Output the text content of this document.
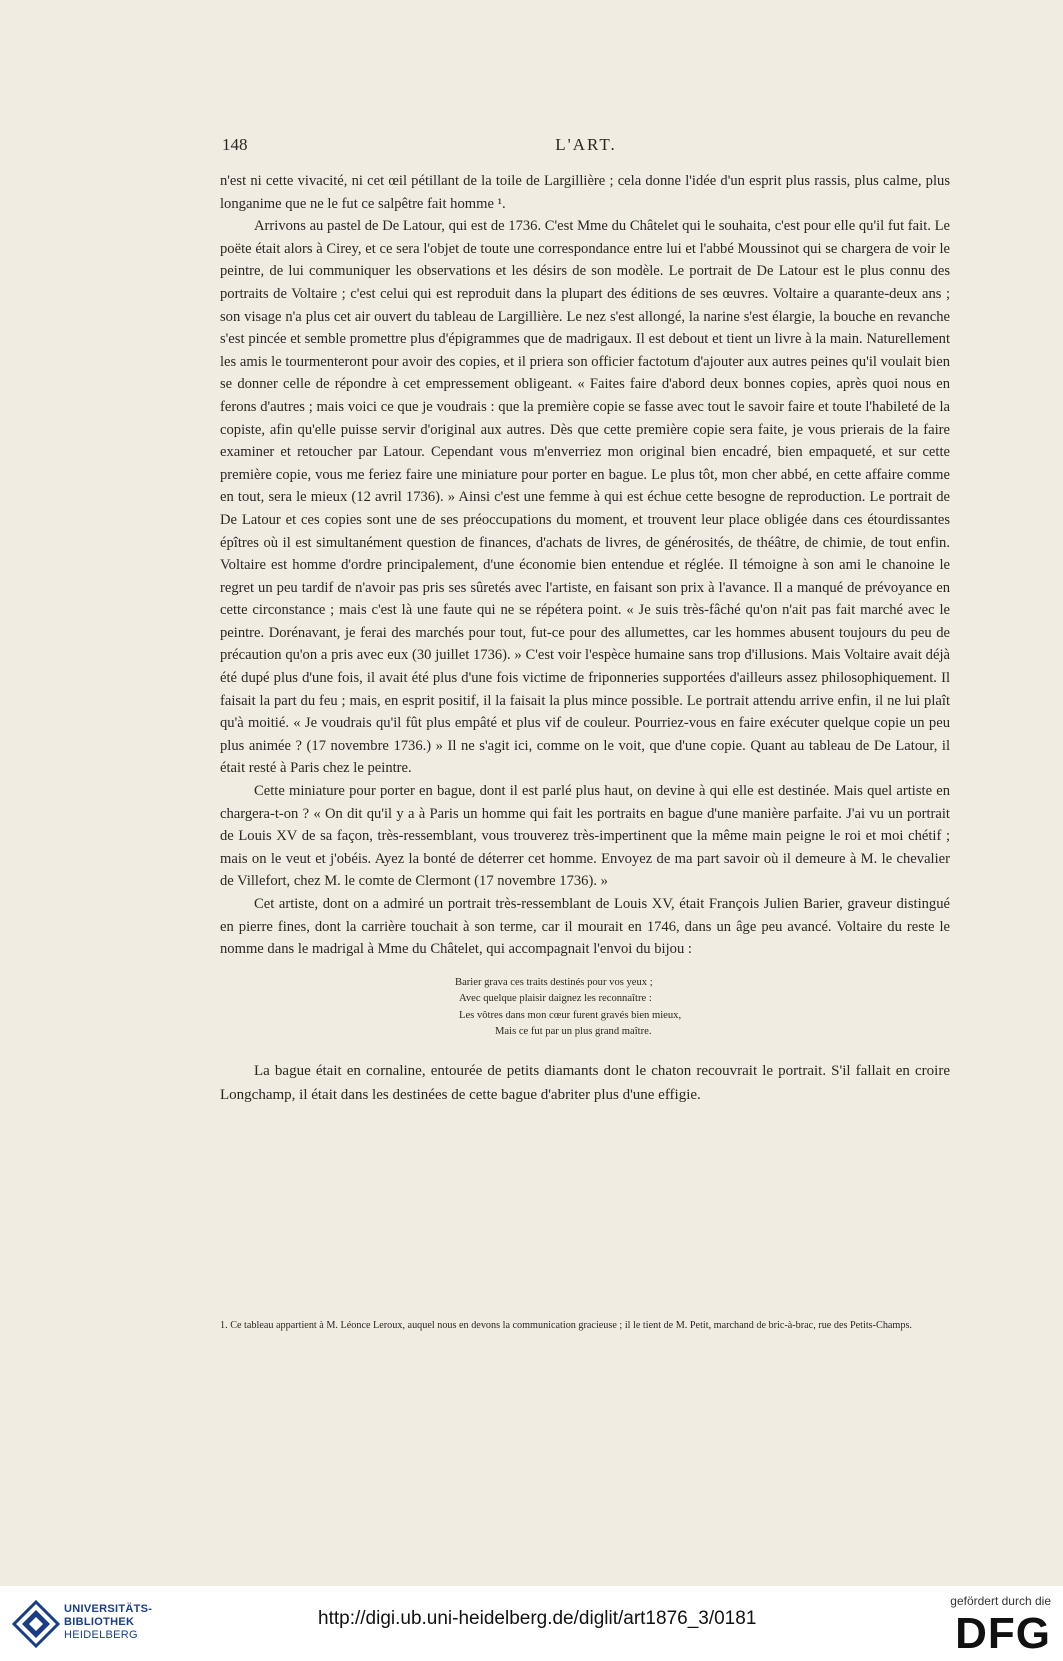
148	L'ART.

n'est ni cette vivacité, ni cet œil pétillant de la toile de Largillière ; cela donne l'idée d'un esprit plus rassis, plus calme, plus longanime que ne le fut ce salpêtre fait homme ¹.

Arrivons au pastel de De Latour, qui est de 1736. C'est Mme du Châtelet qui le souhaita, c'est pour elle qu'il fut fait. Le poëte était alors à Cirey, et ce sera l'objet de toute une correspondance entre lui et l'abbé Moussinot qui se chargera de voir le peintre, de lui communiquer les observations et les désirs de son modèle. Le portrait de De Latour est le plus connu des portraits de Voltaire ; c'est celui qui est reproduit dans la plupart des éditions de ses œuvres. Voltaire a quarante-deux ans ; son visage n'a plus cet air ouvert du tableau de Largillière. Le nez s'est allongé, la narine s'est élargie, la bouche en revanche s'est pincée et semble promettre plus d'épigrammes que de madrigaux. Il est debout et tient un livre à la main. Naturellement les amis le tourmenteront pour avoir des copies, et il priera son officier factotum d'ajouter aux autres peines qu'il voulait bien se donner celle de répondre à cet empressement obligeant. « Faites faire d'abord deux bonnes copies, après quoi nous en ferons d'autres ; mais voici ce que je voudrais : que la première copie se fasse avec tout le savoir faire et toute l'habileté de la copiste, afin qu'elle puisse servir d'original aux autres. Dès que cette première copie sera faite, je vous prierais de la faire examiner et retoucher par Latour. Cependant vous m'enverriez mon original bien encadré, bien empaqueté, et sur cette première copie, vous me feriez faire une miniature pour porter en bague. Le plus tôt, mon cher abbé, en cette affaire comme en tout, sera le mieux (12 avril 1736). » Ainsi c'est une femme à qui est échue cette besogne de reproduction. Le portrait de De Latour et ces copies sont une de ses préoccupations du moment, et trouvent leur place obligée dans ces étourdissantes épîtres où il est simultanément question de finances, d'achats de livres, de générosités, de théâtre, de chimie, de tout enfin. Voltaire est homme d'ordre principalement, d'une économie bien entendue et réglée. Il témoigne à son ami le chanoine le regret un peu tardif de n'avoir pas pris ses sûretés avec l'artiste, en faisant son prix à l'avance. Il a manqué de prévoyance en cette circonstance ; mais c'est là une faute qui ne se répétera point. « Je suis très-fâché qu'on n'ait pas fait marché avec le peintre. Dorénavant, je ferai des marchés pour tout, fut-ce pour des allumettes, car les hommes abusent toujours du peu de précaution qu'on a pris avec eux (30 juillet 1736). » C'est voir l'espèce humaine sans trop d'illusions. Mais Voltaire avait déjà été dupé plus d'une fois, il avait été plus d'une fois victime de friponneries supportées d'ailleurs assez philosophiquement. Il faisait la part du feu ; mais, en esprit positif, il la faisait la plus mince possible. Le portrait attendu arrive enfin, il ne lui plaît qu'à moitié. « Je voudrais qu'il fût plus empâté et plus vif de couleur. Pourriez-vous en faire exécuter quelque copie un peu plus animée ? (17 novembre 1736.) » Il ne s'agit ici, comme on le voit, que d'une copie. Quant au tableau de De Latour, il était resté à Paris chez le peintre.

Cette miniature pour porter en bague, dont il est parlé plus haut, on devine à qui elle est destinée. Mais quel artiste en chargera-t-on ? « On dit qu'il y a à Paris un homme qui fait les portraits en bague d'une manière parfaite. J'ai vu un portrait de Louis XV de sa façon, très-ressemblant, vous trouverez très-impertinent que la même main peigne le roi et moi chétif ; mais on le veut et j'obéis. Ayez la bonté de déterrer cet homme. Envoyez de ma part savoir où il demeure à M. le chevalier de Villefort, chez M. le comte de Clermont (17 novembre 1736). »

Cet artiste, dont on a admiré un portrait très-ressemblant de Louis XV, était François Julien Barier, graveur distingué en pierre fines, dont la carrière touchait à son terme, car il mourait en 1746, dans un âge peu avancé. Voltaire du reste le nomme dans le madrigal à Mme du Châtelet, qui accompagnait l'envoi du bijou :

Barier grava ces traits destinés pour vos yeux ;
Avec quelque plaisir daignez les reconnaître :
Les vôtres dans mon cœur furent gravés bien mieux,
Mais ce fut par un plus grand maître.

La bague était en cornaline, entourée de petits diamants dont le chaton recouvrait le portrait. S'il fallait en croire Longchamp, il était dans les destinées de cette bague d'abriter plus d'une effigie.

1. Ce tableau appartient à M. Léonce Leroux, auquel nous en devons la communication gracieuse ; il le tient de M. Petit, marchand de bric-à-brac, rue des Petits-Champs.
UNIVERSITÄTS-
BIBLIOTHEK
HEIDELBERG
http://digi.ub.uni-heidelberg.de/diglit/art1876_3/0181
gefördert durch die
DFG
